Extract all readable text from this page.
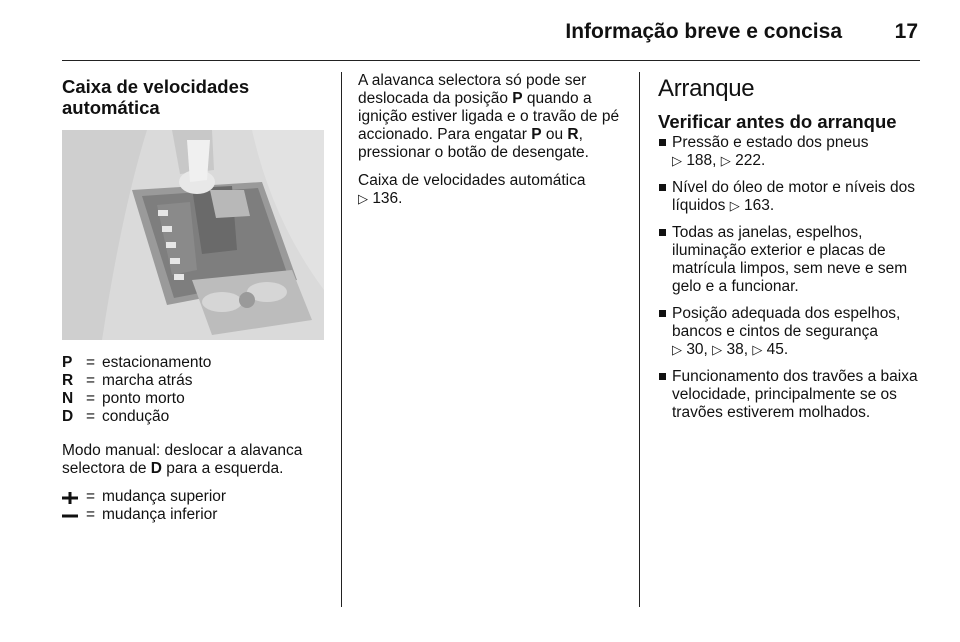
Informação breve e concisa	17
Caixa de velocidades
automática
P = estacionamento
R = marcha atrás
N = ponto morto
D = condução

Modo manual: deslocar a alavanca selectora de D para a esquerda.

= mudança superior
= mudança inferior

A alavanca selectora só pode ser deslocada da posição P quando a ignição estiver ligada e o travão de pé accionado. Para engatar P ou R, pressionar o botão de desengate.

Caixa de velocidades automática
▷ 136.

Arranque
Verificar antes do arranque
Pressão e estado dos pneus
▷ 188, ▷ 222.
Nível do óleo de motor e níveis dos líquidos ▷ 163.
Todas as janelas, espelhos, iluminação exterior e placas de matrícula limpos, sem neve e sem gelo e a funcionar.
Posição adequada dos espelhos, bancos e cintos de segurança
▷ 30, ▷ 38, ▷ 45.
Funcionamento dos travões a baixa velocidade, principalmente se os travões estiverem molhados.
